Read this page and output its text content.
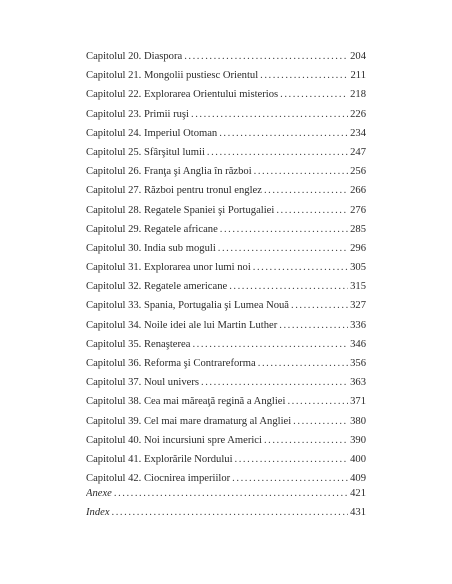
Capitolul 20. Diaspora . . .	204
Capitolul 21. Mongolii pustiesc Orientul . . .	211
Capitolul 22. Explorarea Orientului misterios . . .	218
Capitolul 23. Primii ruşi . . .	226
Capitolul 24. Imperiul Otoman . . .	234
Capitolul 25. Sfârşitul lumii . . .	247
Capitolul 26. Franţa şi Anglia în război . . .	256
Capitolul 27. Război pentru tronul englez . . .	266
Capitolul 28. Regatele Spaniei şi Portugaliei . . .	276
Capitolul 29. Regatele africane . . .	285
Capitolul 30. India sub moguli . . .	296
Capitolul 31. Explorarea unor lumi noi . . .	305
Capitolul 32. Regatele americane . . .	315
Capitolul 33. Spania, Portugalia şi Lumea Nouă . . .	327
Capitolul 34. Noile idei ale lui Martin Luther . . .	336
Capitolul 35. Renaşterea . . .	346
Capitolul 36. Reforma şi Contrareforma . . .	356
Capitolul 37. Noul univers . . .	363
Capitolul 38. Cea mai măreaţă regină a Angliei . . .	371
Capitolul 39. Cel mai mare dramaturg al Angliei . . .	380
Capitolul 40. Noi incursiuni spre Americi . . .	390
Capitolul 41. Explorările Nordului . . .	400
Capitolul 42. Ciocnirea imperiilor . . .	409
Anexe . . .	421
Index . . .	431
